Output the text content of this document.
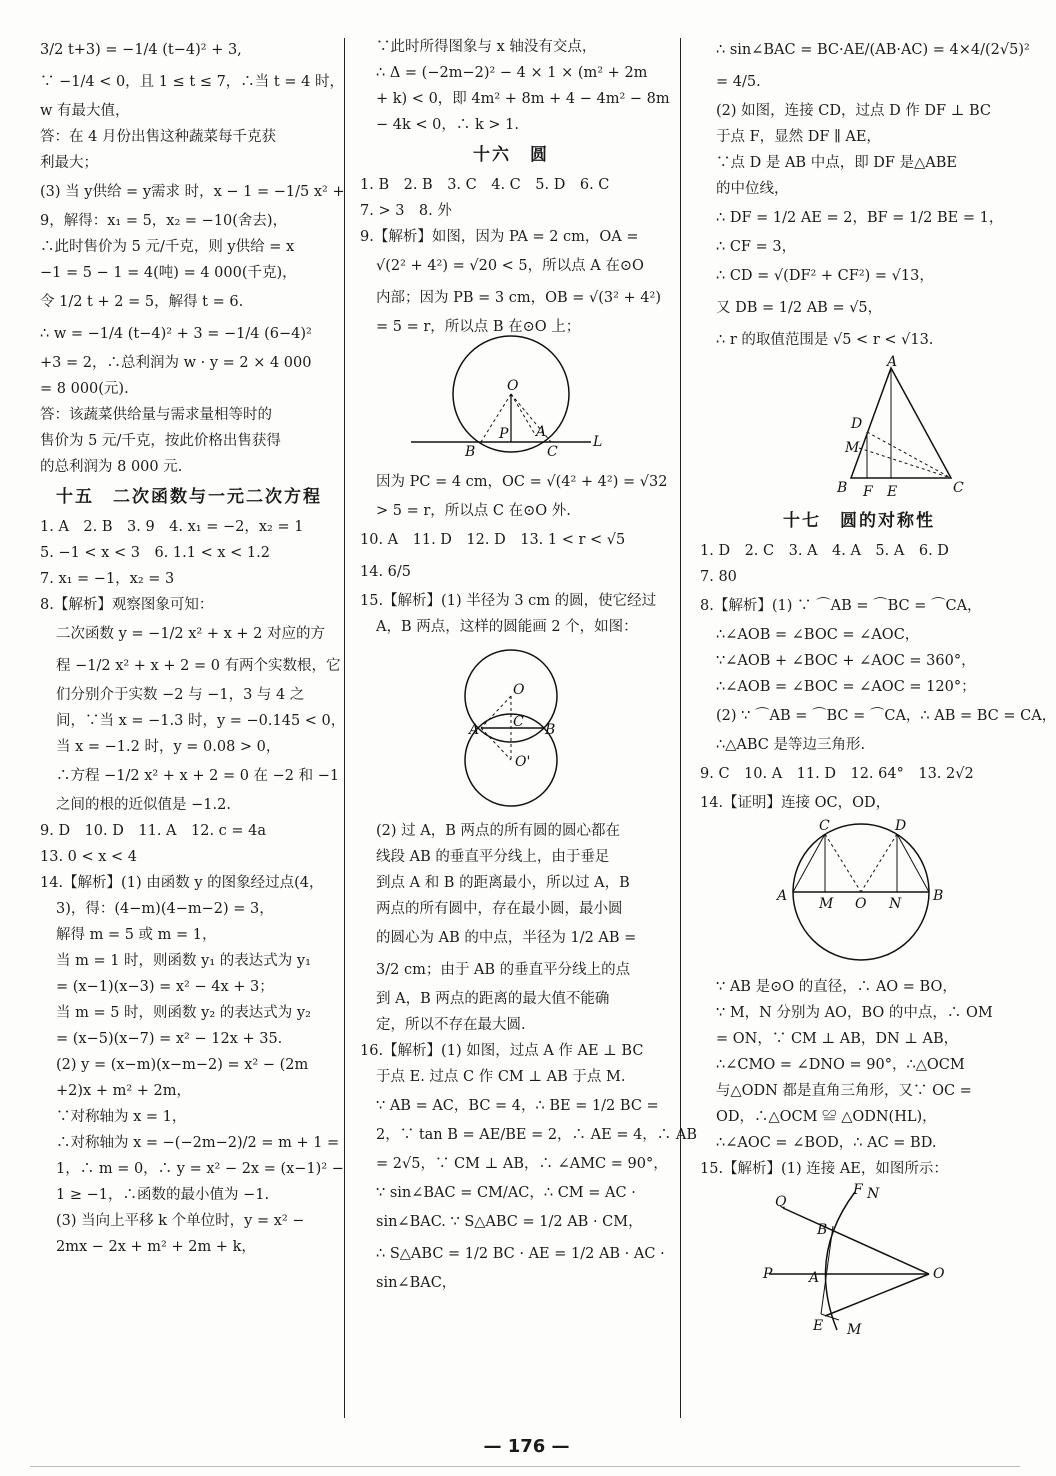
3/2 t+3) = −1/4 (t−4)² + 3,
∵ −1/4 < 0，且 1 ≤ t ≤ 7，∴当 t = 4 时，
w 有最大值，
答：在 4 月份出售这种蔬菜每千克获
利最大；
(3) 当 y供给 = y需求 时，x − 1 = −1/5 x² +
9，解得：x₁ = 5，x₂ = −10(舍去)，
∴此时售价为 5 元/千克，则 y供给 = x
−1 = 5 − 1 = 4(吨) = 4 000(千克)，
令 1/2 t + 2 = 5，解得 t = 6.
∴ w = −1/4 (t−4)² + 3 = −1/4 (6−4)²
+3 = 2，∴总利润为 w · y = 2 × 4 000
= 8 000(元).
答：该蔬菜供给量与需求量相等时的
售价为 5 元/千克，按此价格出售获得
的总利润为 8 000 元.
十五　二次函数与一元二次方程
1. A　2. B　3. 9　4. x₁ = −2，x₂ = 1
5. −1 < x < 3　6. 1.1 < x < 1.2
7. x₁ = −1，x₂ = 3
8.【解析】观察图象可知：
二次函数 y = −1/2 x² + x + 2 对应的方
程 −1/2 x² + x + 2 = 0 有两个实数根，它
们分别介于实数 −2 与 −1，3 与 4 之
间，∵当 x = −1.3 时，y = −0.145 < 0，
当 x = −1.2 时，y = 0.08 > 0，
∴方程 −1/2 x² + x + 2 = 0 在 −2 和 −1
之间的根的近似值是 −1.2.
9. D　10. D　11. A　12. c = 4a
13. 0 < x < 4
14.【解析】(1) 由函数 y 的图象经过点(4，
3)，得：(4−m)(4−m−2) = 3，
解得 m = 5 或 m = 1，
当 m = 1 时，则函数 y₁ 的表达式为 y₁
= (x−1)(x−3) = x² − 4x + 3；
当 m = 5 时，则函数 y₂ 的表达式为 y₂
= (x−5)(x−7) = x² − 12x + 35.
(2) y = (x−m)(x−m−2) = x² − (2m
+2)x + m² + 2m，
∵对称轴为 x = 1，
∴对称轴为 x = −(−2m−2)/2 = m + 1 =
1，∴ m = 0，∴ y = x² − 2x = (x−1)² −
1 ≥ −1，∴函数的最小值为 −1.
(3) 当向上平移 k 个单位时，y = x² −
2mx − 2x + m² + 2m + k，
∵此时所得图象与 x 轴没有交点，
∴ Δ = (−2m−2)² − 4 × 1 × (m² + 2m
+ k) < 0，即 4m² + 8m + 4 − 4m² − 8m
− 4k < 0，∴ k > 1.
十六　圆
1. B　2. B　3. C　4. C　5. D　6. C
7. > 3　8. 外
9.【解析】如图，因为 PA = 2 cm，OA =
√(2² + 4²) = √20 < 5，所以点 A 在⊙O
内部；因为 PB = 3 cm，OB = √(3² + 4²)
= 5 = r，所以点 B 在⊙O 上；
O
B
P A
C
L
因为 PC = 4 cm，OC = √(4² + 4²) = √32
> 5 = r，所以点 C 在⊙O 外.
10. A　11. D　12. D　13. 1 < r < √5
14. 6/5
15.【解析】(1) 半径为 3 cm 的圆，使它经过
A，B 两点，这样的圆能画 2 个，如图：
O
A C B
O'
(2) 过 A，B 两点的所有圆的圆心都在
线段 AB 的垂直平分线上，由于垂足
到点 A 和 B 的距离最小，所以过 A，B
两点的所有圆中，存在最小圆，最小圆
的圆心为 AB 的中点，半径为 1/2 AB =
3/2 cm；由于 AB 的垂直平分线上的点
到 A，B 两点的距离的最大值不能确
定，所以不存在最大圆.
16.【解析】(1) 如图，过点 A 作 AE ⊥ BC
于点 E. 过点 C 作 CM ⊥ AB 于点 M.
∵ AB = AC，BC = 4，∴ BE = 1/2 BC =
2，∵ tan B = AE/BE = 2，∴ AE = 4，∴ AB
= 2√5，∵ CM ⊥ AB，∴ ∠AMC = 90°，
∵ sin∠BAC = CM/AC，∴ CM = AC ·
sin∠BAC. ∵ S△ABC = 1/2 AB · CM，
∴ S△ABC = 1/2 BC · AE = 1/2 AB · AC ·
sin∠BAC，
∴ sin∠BAC = BC·AE/(AB·AC) = 4×4/(2√5)²
= 4/5.
(2) 如图，连接 CD，过点 D 作 DF ⊥ BC
于点 F，显然 DF ∥ AE，
∵点 D 是 AB 中点，即 DF 是△ABE
的中位线，
∴ DF = 1/2 AE = 2，BF = 1/2 BE = 1，
∴ CF = 3，
∴ CD = √(DF² + CF²) = √13，
又 DB = 1/2 AB = √5，
∴ r 的取值范围是 √5 < r < √13.
A
D
M
B F E	C
十七　圆的对称性
1. D　2. C　3. A　4. A　5. A　6. D
7. 80
8.【解析】(1) ∵ ⌒AB = ⌒BC = ⌒CA，
∴∠AOB = ∠BOC = ∠AOC，
∵∠AOB + ∠BOC + ∠AOC = 360°，
∴∠AOB = ∠BOC = ∠AOC = 120°；
(2) ∵ ⌒AB = ⌒BC = ⌒CA，∴ AB = BC = CA，
∴△ABC 是等边三角形.
9. C　10. A　11. D　12. 64°　13. 2√2
14.【证明】连接 OC，OD，
C	D
A M O N B
∵ AB 是⊙O 的直径，∴ AO = BO，
∵ M，N 分别为 AO，BO 的中点，∴ OM
= ON，∵ CM ⊥ AB，DN ⊥ AB，
∴∠CMO = ∠DNO = 90°，∴△OCM
与△ODN 都是直角三角形，又∵ OC =
OD，∴△OCM ≌ △ODN(HL)，
∴∠AOC = ∠BOD，∴ AC = BD.
15.【解析】(1) 连接 AE，如图所示：
Q
F N
B
P	A	O
E M
— 176 —
